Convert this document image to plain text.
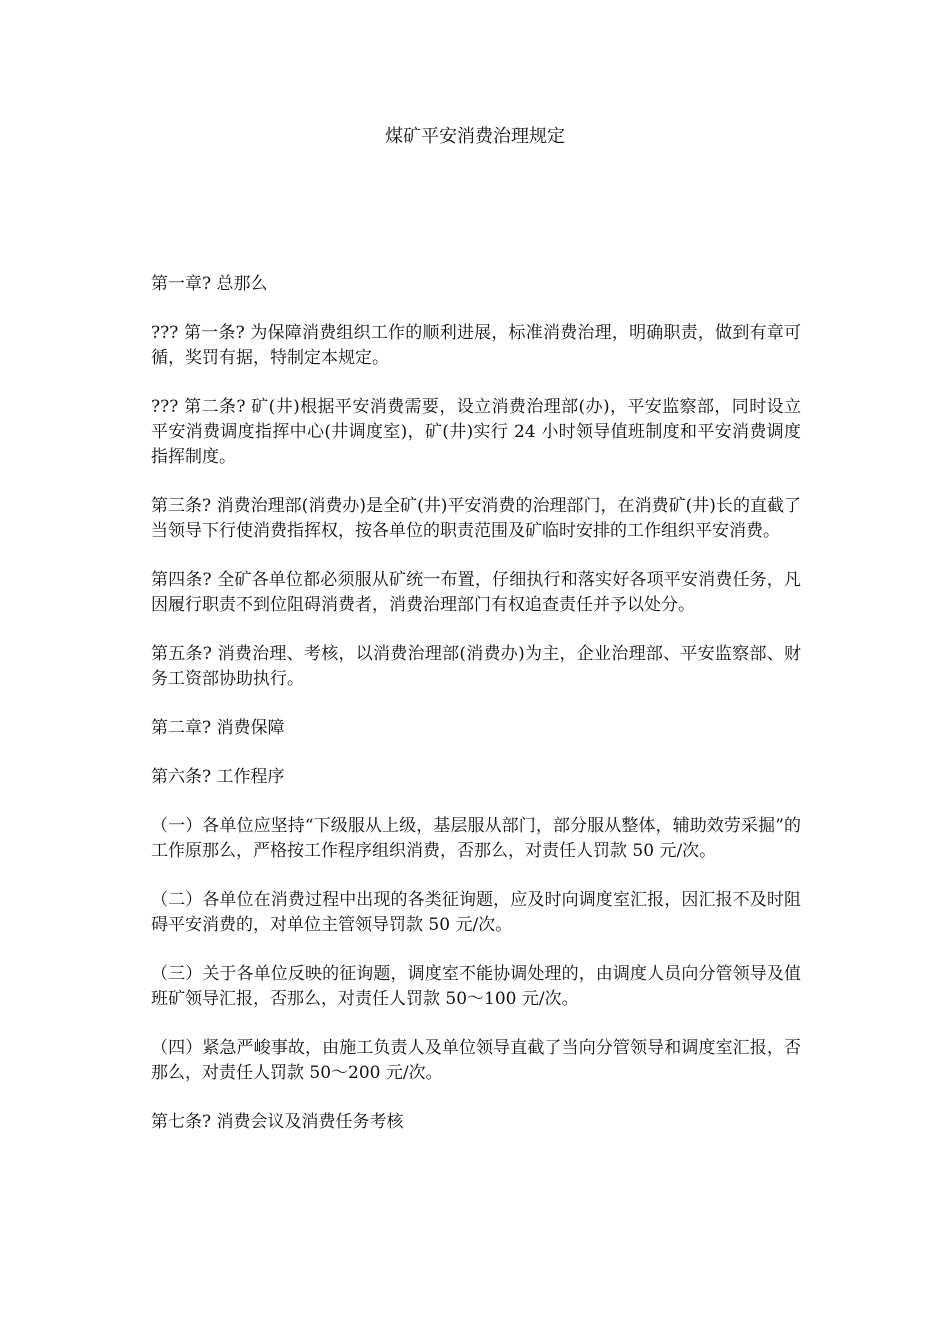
煤矿平安消费治理规定

第一章? 总那么

??? 第一条? 为保障消费组织工作的顺利进展，标准消费治理，明确职责，做到有章可循，奖罚有据，特制定本规定。

??? 第二条? 矿(井)根据平安消费需要，设立消费治理部(办)，平安监察部，同时设立平安消费调度指挥中心(井调度室)，矿(井)实行 24 小时领导值班制度和平安消费调度指挥制度。

第三条? 消费治理部(消费办)是全矿(井)平安消费的治理部门，在消费矿(井)长的直截了当领导下行使消费指挥权，按各单位的职责范围及矿临时安排的工作组织平安消费。

第四条? 全矿各单位都必须服从矿统一布置，仔细执行和落实好各项平安消费任务，凡因履行职责不到位阻碍消费者，消费治理部门有权追查责任并予以处分。

第五条? 消费治理、考核，以消费治理部(消费办)为主，企业治理部、平安监察部、财务工资部协助执行。

第二章? 消费保障

第六条? 工作程序

（一）各单位应坚持“下级服从上级，基层服从部门，部分服从整体，辅助效劳采掘”的工作原那么，严格按工作程序组织消费，否那么，对责任人罚款 50 元/次。

（二）各单位在消费过程中出现的各类征询题，应及时向调度室汇报，因汇报不及时阻碍平安消费的，对单位主管领导罚款 50 元/次。

（三）关于各单位反映的征询题，调度室不能协调处理的，由调度人员向分管领导及值班矿领导汇报，否那么，对责任人罚款 50～100 元/次。

（四）紧急严峻事故，由施工负责人及单位领导直截了当向分管领导和调度室汇报，否那么，对责任人罚款 50～200 元/次。

第七条? 消费会议及消费任务考核
